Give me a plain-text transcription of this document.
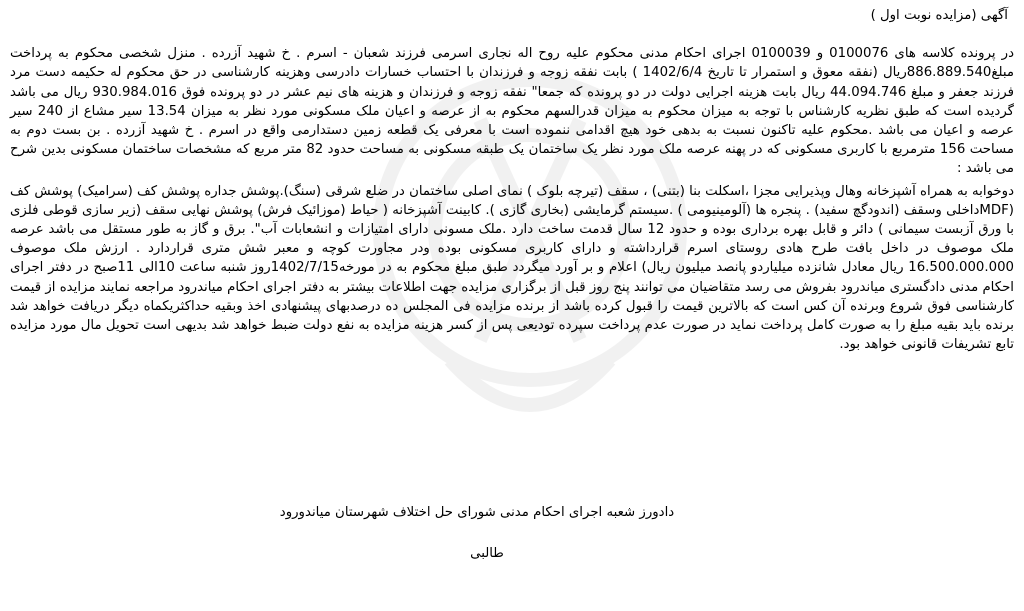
آگهی (مزایده نوبت اول )

در پرونده کلاسه های 0100076 و 0100039 اجرای احکام مدنی محکوم علیه روح اله نجاری اسرمی فرزند شعبان - اسرم . خ شهید آزرده . منزل شخصی محکوم به پرداخت مبلغ886.889.540ریال (نفقه معوق و استمرار تا تاریخ 1402/6/4 ) بابت نفقه زوجه و فرزندان با احتساب خسارات دادرسی وهزینه کارشناسی در حق محکوم له حکیمه دست مرد فرزند جعفر و مبلغ 44.094.746 ریال بابت هزینه اجرایی دولت در دو پرونده که جمعا" نفقه زوجه و فرزندان و هزینه های نیم عشر در دو پرونده فوق 930.984.016 ریال می باشد گردیده است که طبق نظریه کارشناس با توجه به میزان محکوم به میزان قدرالسهم محکوم به از عرصه و اعیان ملک مسکونی مورد نظر به میزان 13.54 سیر مشاع از 240 سیر عرصه و اعیان می باشد .محکوم علیه تاکنون نسبت به بدهی خود هیچ اقدامی ننموده است با معرفی یک قطعه زمین دستدارمی واقع در اسرم . خ شهید آزرده . بن بست دوم به مساحت 156 مترمربع با کاربری مسکونی که در پهنه عرصه ملک مورد نظر یک ساختمان یک طبقه مسکونی به مساحت حدود 82 متر مربع که مشخصات ساختمان مسکونی بدین شرح می باشد :

دوخوابه به همراه آشپزخانه وهال وپذیرایی مجزا ،اسکلت بنا (بتنی) ، سقف (تیرچه بلوک ) نمای اصلی ساختمان در ضلع شرقی (سنگ).پوشش جداره پوشش کف (سرامیک) پوشش کف (MDFداخلی وسقف (اندودگچ سفید) . پنجره ها (آلومینیومی ) .سیستم گرمایشی (بخاری گازی ). کابینت آشپزخانه ( حیاط (موزائیک فرش) پوشش نهایی سقف (زیر سازی قوطی فلزی با ورق آزبست سیمانی ) دائر و قابل بهره برداری بوده و حدود 12 سال قدمت ساخت دارد .ملک مسونی دارای امتیازات و انشعابات آب". برق و گاز به طور مستقل می باشد عرصه ملک موصوف در داخل بافت طرح هادی روستای اسرم قرارداشته و دارای کاربری مسکونی بوده ودر مجاورت کوچه و معبر شش متری قراردارد . ارزش ملک موصوف 16.500.000.000 ریال معادل شانزده میلیاردو پانصد میلیون ریال) اعلام و بر آورد میگردد طبق مبلغ محکوم به در مورخه1402/7/15روز شنبه ساعت 10الی 11صبح در دفتر اجرای احکام مدنی دادگستری میاندرود بفروش می رسد متقاضیان می توانند پنج روز قبل از برگزاری مزایده جهت اطلاعات بیشتر به دفتر اجرای احکام میاندرود مراجعه نمایند مزایده از قیمت کارشناسی فوق شروع وبرنده آن کس است که بالاترین قیمت را قبول کرده باشد از برنده مزایده فی المجلس ده درصدبهای پیشنهادی اخذ وبقیه حداکثریکماه دیگر دریافت خواهد شد برنده باید بقیه مبلغ را به صورت کامل پرداخت نماید در صورت عدم پرداخت سپرده تودیعی پس از کسر هزینه مزایده به نفع دولت ضبط خواهد شد بدیهی است تحویل مال مورد مزایده تابع تشریفات قانونی خواهد بود.

دادورز شعبه اجرای احکام مدنی شورای حل اختلاف شهرستان میاندورود

طالبی
